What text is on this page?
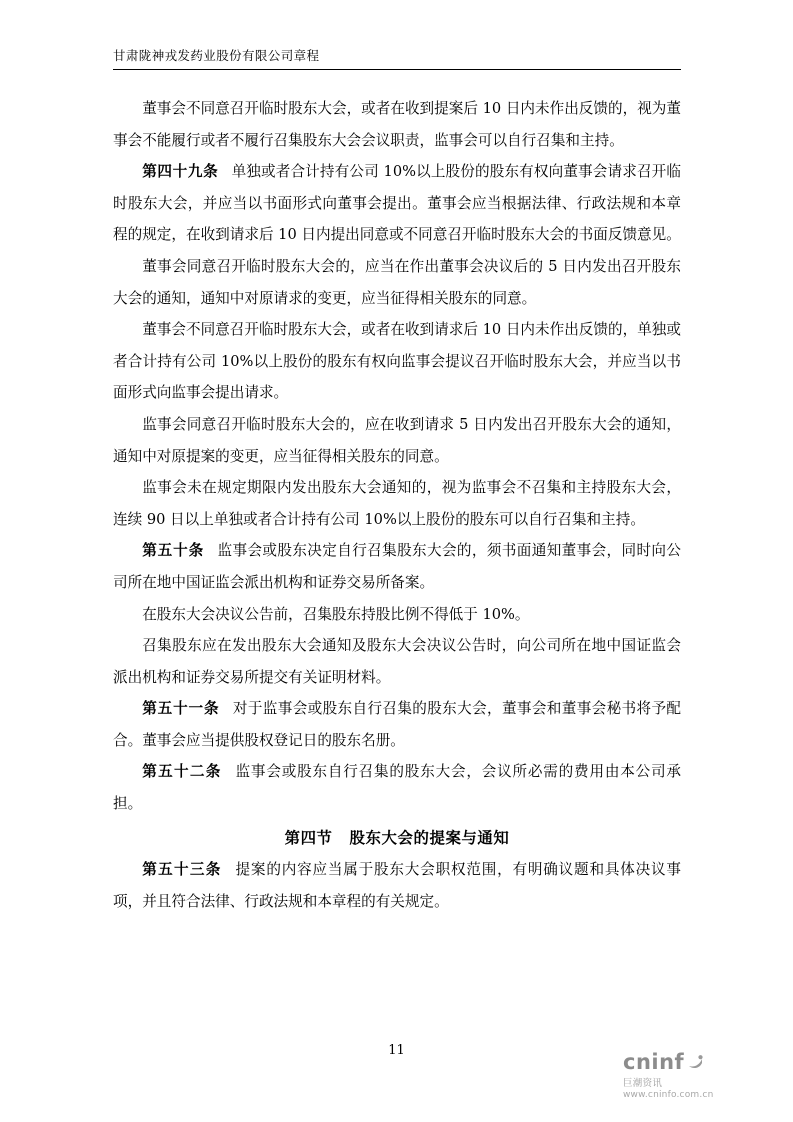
甘肃陇神戎发药业股份有限公司章程

董事会不同意召开临时股东大会，或者在收到提案后 10 日内未作出反馈的，视为董事会不能履行或者不履行召集股东大会会议职责，监事会可以自行召集和主持。

第四十九条 单独或者合计持有公司 10%以上股份的股东有权向董事会请求召开临时股东大会，并应当以书面形式向董事会提出。董事会应当根据法律、行政法规和本章程的规定，在收到请求后 10 日内提出同意或不同意召开临时股东大会的书面反馈意见。

董事会同意召开临时股东大会的，应当在作出董事会决议后的 5 日内发出召开股东大会的通知，通知中对原请求的变更，应当征得相关股东的同意。

董事会不同意召开临时股东大会，或者在收到请求后 10 日内未作出反馈的，单独或者合计持有公司 10%以上股份的股东有权向监事会提议召开临时股东大会，并应当以书面形式向监事会提出请求。

监事会同意召开临时股东大会的，应在收到请求 5 日内发出召开股东大会的通知，通知中对原提案的变更，应当征得相关股东的同意。

监事会未在规定期限内发出股东大会通知的，视为监事会不召集和主持股东大会，连续 90 日以上单独或者合计持有公司 10%以上股份的股东可以自行召集和主持。

第五十条 监事会或股东决定自行召集股东大会的，须书面通知董事会，同时向公司所在地中国证监会派出机构和证券交易所备案。

在股东大会决议公告前，召集股东持股比例不得低于 10%。

召集股东应在发出股东大会通知及股东大会决议公告时，向公司所在地中国证监会派出机构和证券交易所提交有关证明材料。

第五十一条 对于监事会或股东自行召集的股东大会，董事会和董事会秘书将予配合。董事会应当提供股权登记日的股东名册。

第五十二条 监事会或股东自行召集的股东大会，会议所必需的费用由本公司承担。

第四节 股东大会的提案与通知

第五十三条 提案的内容应当属于股东大会职权范围，有明确议题和具体决议事项，并且符合法律、行政法规和本章程的有关规定。

11	cninf
巨潮资讯
www.cninfo.com.cn
